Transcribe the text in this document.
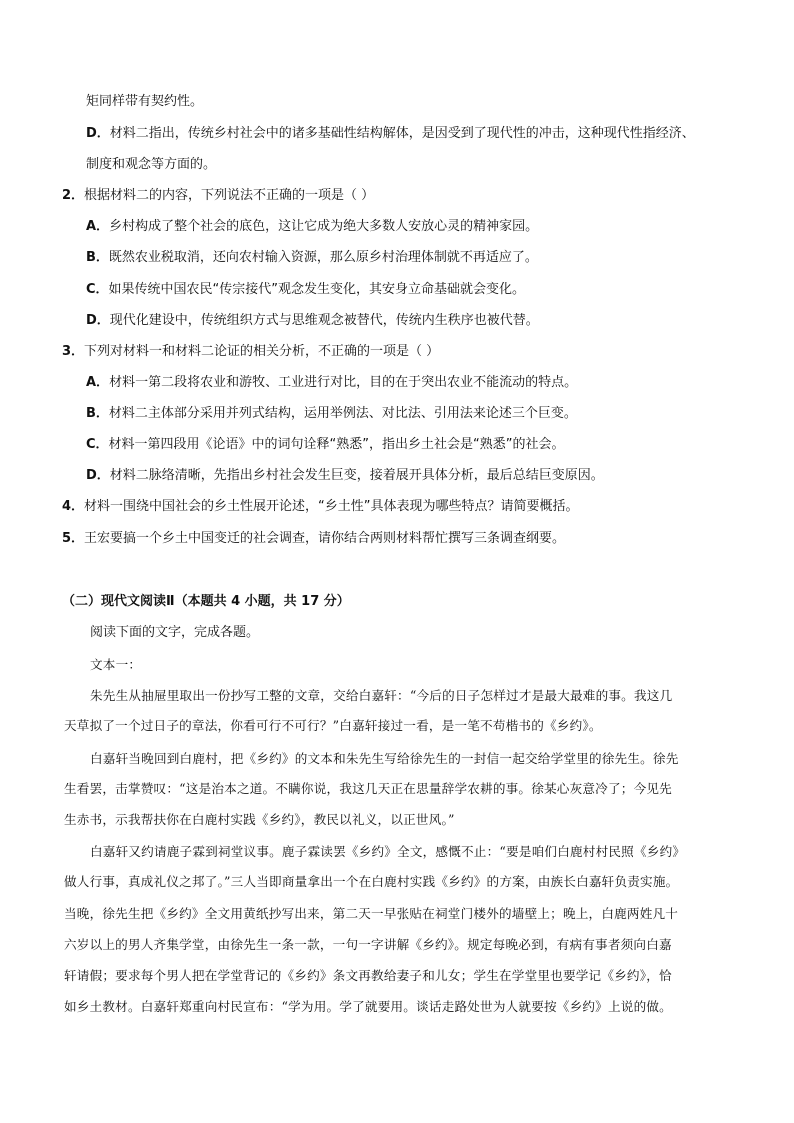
矩同样带有契约性。
D．材料二指出，传统乡村社会中的诸多基础性结构解体，是因受到了现代性的冲击，这种现代性指经济、
制度和观念等方面的。
2．根据材料二的内容，下列说法不正确的一项是（ ）
A．乡村构成了整个社会的底色，这让它成为绝大多数人安放心灵的精神家园。
B．既然农业税取消，还向农村输入资源，那么原乡村治理体制就不再适应了。
C．如果传统中国农民“传宗接代”观念发生变化，其安身立命基础就会变化。
D．现代化建设中，传统组织方式与思维观念被替代，传统内生秩序也被代替。
3．下列对材料一和材料二论证的相关分析，不正确的一项是（ ）
A．材料一第二段将农业和游牧、工业进行对比，目的在于突出农业不能流动的特点。
B．材料二主体部分采用并列式结构，运用举例法、对比法、引用法来论述三个巨变。
C．材料一第四段用《论语》中的词句诠释“熟悉”，指出乡土社会是“熟悉”的社会。
D．材料二脉络清晰，先指出乡村社会发生巨变，接着展开具体分析，最后总结巨变原因。
4．材料一围绕中国社会的乡土性展开论述，“乡土性”具体表现为哪些特点？请简要概括。
5．王宏要搞一个乡土中国变迁的社会调查，请你结合两则材料帮忙撰写三条调查纲要。
（二）现代文阅读Ⅱ（本题共 4 小题，共 17 分）
阅读下面的文字，完成各题。
文本一：
朱先生从抽屉里取出一份抄写工整的文章，交给白嘉轩：“今后的日子怎样过才是最大最难的事。我这几
天草拟了一个过日子的章法，你看可行不可行？”白嘉轩接过一看，是一笔不苟楷书的《乡约》。
白嘉轩当晚回到白鹿村，把《乡约》的文本和朱先生写给徐先生的一封信一起交给学堂里的徐先生。徐先
生看罢，击掌赞叹：“这是治本之道。不瞒你说，我这几天正在思量辞学农耕的事。徐某心灰意冷了；今见先
生赤书，示我帮扶你在白鹿村实践《乡约》，教民以礼义，以正世风。”
白嘉轩又约请鹿子霖到祠堂议事。鹿子霖读罢《乡约》全文，感慨不止：“要是咱们白鹿村村民照《乡约》
做人行事，真成礼仪之邦了。”三人当即商量拿出一个在白鹿村实践《乡约》的方案，由族长白嘉轩负责实施。
当晚，徐先生把《乡约》全文用黄纸抄写出来，第二天一早张贴在祠堂门楼外的墙壁上；晚上，白鹿两姓凡十
六岁以上的男人齐集学堂，由徐先生一条一款，一句一字讲解《乡约》。规定每晚必到，有病有事者须向白嘉
轩请假；要求每个男人把在学堂背记的《乡约》条文再教给妻子和儿女；学生在学堂里也要学记《乡约》，恰
如乡土教材。白嘉轩郑重向村民宣布：“学为用。学了就要用。谈话走路处世为人就要按《乡约》上说的做。
